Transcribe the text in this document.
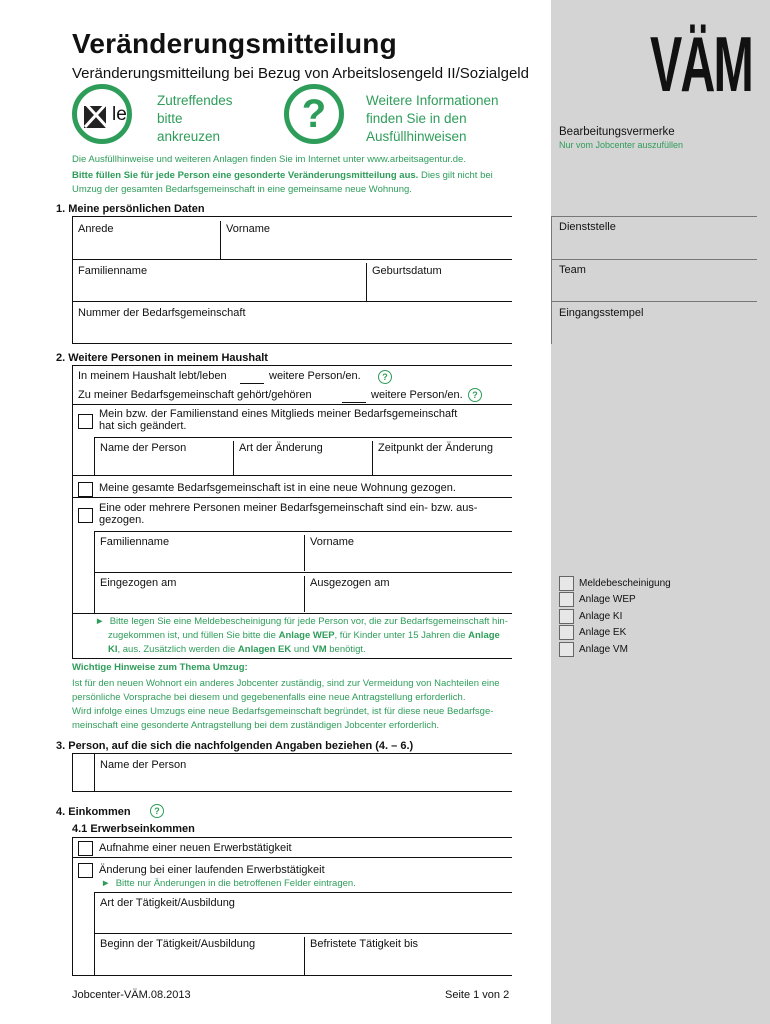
Veränderungsmitteilung
Veränderungsmitteilung bei Bezug von Arbeitslosengeld II/Sozialgeld VÄM
le
Zutreffendes
bitte
ankreuzen
?	Weitere Informationen
finden Sie in den
Ausfüllhinweisen	Bearbeitungsvermerke
Nur vom Jobcenter auszufüllen
Die Ausfüllhinweise und weiteren Anlagen finden Sie im Internet unter www.arbeitsagentur.de.
Bitte füllen Sie für jede Person eine gesonderte Veränderungsmitteilung aus. Dies gilt nicht bei
Umzug der gesamten Bedarfsgemeinschaft in eine gemeinsame neue Wohnung.
1. Meine persönlichen Daten
Anrede	Vorname
Familienname	Geburtsdatum
Nummer der Bedarfsgemeinschaft
Dienststelle
Team
Eingangsstempel
2. Weitere Personen in meinem Haushalt
In meinem Haushalt lebt/leben	weitere Person/en.	?
Zu meiner Bedarfsgemeinschaft gehört/gehören	weitere Person/en.	?
Mein bzw. der Familienstand eines Mitglieds meiner Bedarfsgemeinschaft
hat sich geändert.
Name der Person	Art der Änderung	Zeitpunkt der Änderung
Meine gesamte Bedarfsgemeinschaft ist in eine neue Wohnung gezogen.
Eine oder mehrere Personen meiner Bedarfsgemeinschaft sind ein- bzw. aus-
gezogen.
Familienname	Vorname
Eingezogen am	Ausgezogen am
► Bitte legen Sie eine Meldebescheinigung für jede Person vor, die zur Bedarfsgemeinschaft hin-
zugekommen ist, und füllen Sie bitte die Anlage WEP, für Kinder unter 15 Jahren die Anlage
KI, aus. Zusätzlich werden die Anlagen EK und VM benötigt.
Wichtige Hinweise zum Thema Umzug:
Ist für den neuen Wohnort ein anderes Jobcenter zuständig, sind zur Vermeidung von Nachteilen eine
persönliche Vorsprache bei diesem und gegebenenfalls eine neue Antragstellung erforderlich.
Wird infolge eines Umzugs eine neue Bedarfsgemeinschaft begründet, ist für diese neue Bedarfsge-
meinschaft eine gesonderte Antragstellung bei dem zuständigen Jobcenter erforderlich.
Meldebescheinigung
Anlage WEP
Anlage KI
Anlage EK
Anlage VM
3. Person, auf die sich die nachfolgenden Angaben beziehen (4. – 6.)
Name der Person
4. Einkommen	?
4.1 Erwerbseinkommen
Aufnahme einer neuen Erwerbstätigkeit
Änderung bei einer laufenden Erwerbstätigkeit
► Bitte nur Änderungen in die betroffenen Felder eintragen.
Art der Tätigkeit/Ausbildung
Beginn der Tätigkeit/Ausbildung	Befristete Tätigkeit bis
Jobcenter-VÄM.08.2013	Seite 1 von 2
